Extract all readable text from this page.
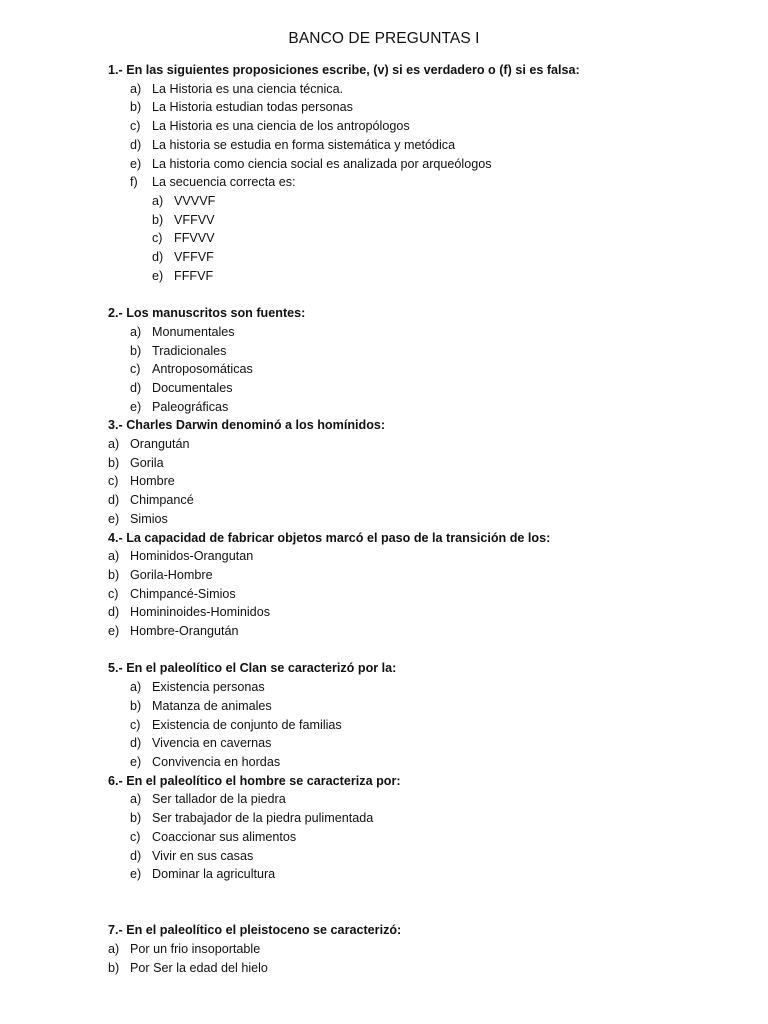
BANCO DE PREGUNTAS I

1.- En las siguientes proposiciones escribe, (v) si es verdadero o (f) si es falsa:

a) La Historia es una ciencia técnica.
b) La Historia estudian todas personas
c) La Historia es una ciencia de los antropólogos
d) La historia se estudia en forma sistemática y metódica
e) La historia como ciencia social es analizada por arqueólogos
f)	La secuencia correcta es:
a) VVVVF
b) VFFVV
c) FFVVV
d) VFFVF
e) FFFVF

2.- Los manuscritos son fuentes:

a) Monumentales
b) Tradicionales
c) Antroposomáticas
d) Documentales
e) Paleográficas

3.- Charles Darwin denominó a los homínidos:

a) Orangután
b) Gorila
c) Hombre
d) Chimpancé
e) Simios

4.- La capacidad de fabricar objetos marcó el paso de la transición de los:

a) Hominidos-Orangutan
b) Gorila-Hombre
c) Chimpancé-Simios
d) Homininoides-Hominidos
e) Hombre-Orangután

5.- En el paleolítico el Clan se caracterizó por la:

a) Existencia personas
b) Matanza de animales
c) Existencia de conjunto de familias
d) Vivencia en cavernas
e) Convivencia en hordas

6.- En el paleolítico el hombre se caracteriza por:

a) Ser tallador de la piedra
b) Ser trabajador de la piedra pulimentada
c) Coaccionar sus alimentos
d) Vivir en sus casas
e) Dominar la agricultura

7.- En el paleolítico el pleistoceno se caracterizó:

a) Por un frio insoportable
b) Por Ser la edad del hielo
